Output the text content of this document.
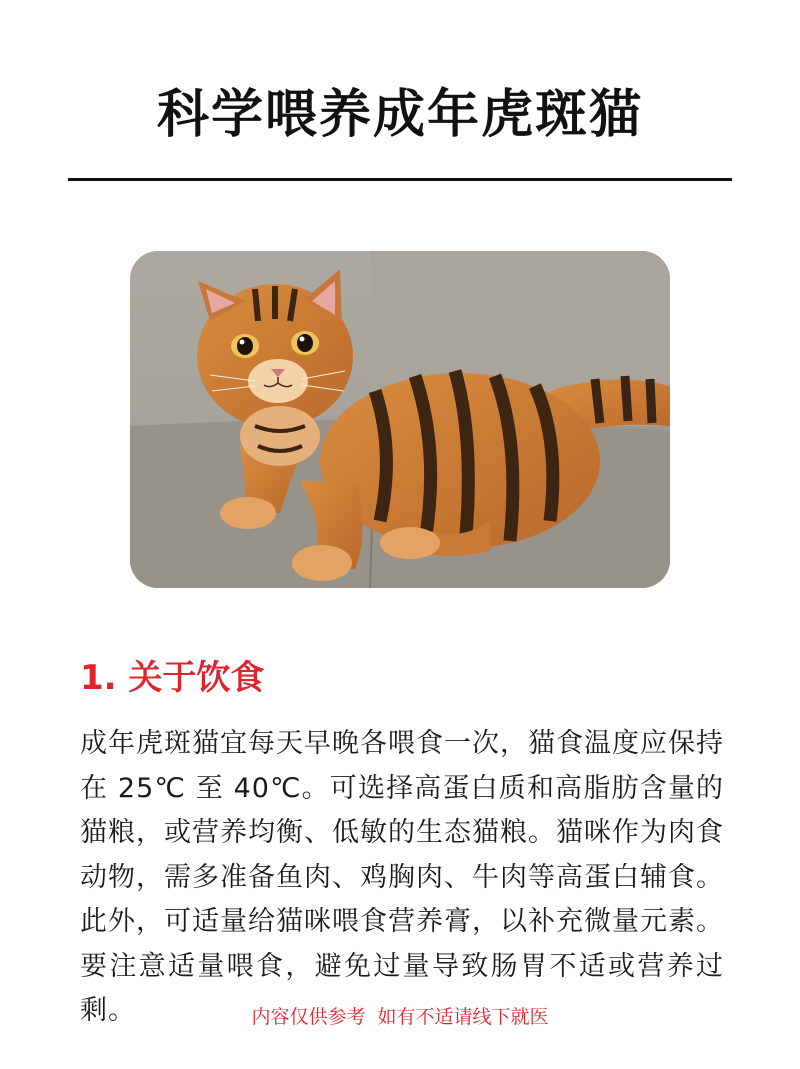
科学喂养成年虎斑猫
1. 关于饮食
成年虎斑猫宜每天早晚各喂食一次，猫食温度应保持在 25℃ 至 40℃。可选择高蛋白质和高脂肪含量的猫粮，或营养均衡、低敏的生态猫粮。猫咪作为肉食动物，需多准备鱼肉、鸡胸肉、牛肉等高蛋白辅食。此外，可适量给猫咪喂食营养膏，以补充微量元素。要注意适量喂食，避免过量导致肠胃不适或营养过剩。	内容仅供参考  如有不适请线下就医
